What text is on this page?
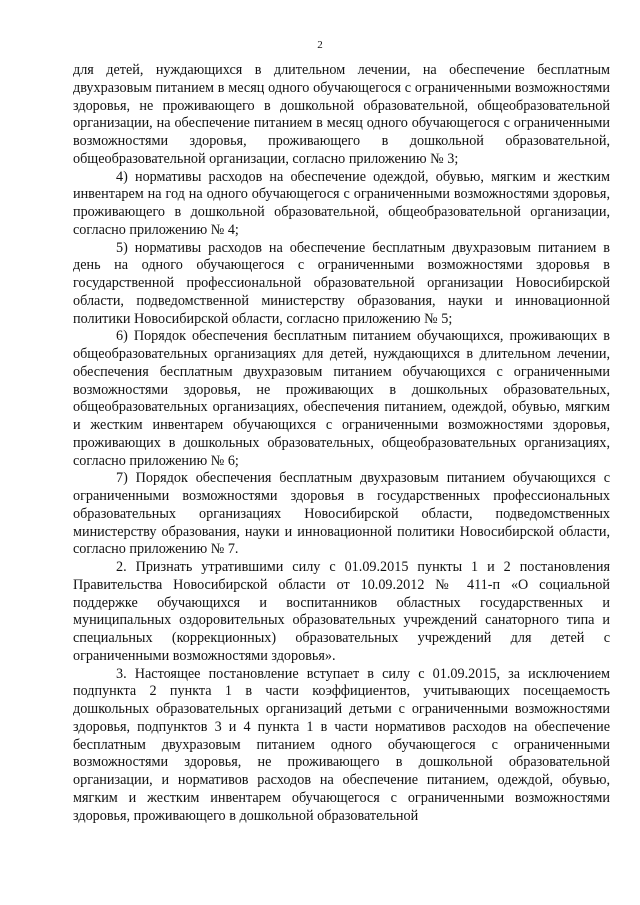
2

для детей, нуждающихся в длительном лечении, на обеспечение бесплатным двухразовым питанием в месяц одного обучающегося с ограниченными возможностями здоровья, не проживающего в дошкольной образовательной, общеобразовательной организации, на обеспечение питанием в месяц одного обучающегося с ограниченными возможностями здоровья, проживающего в дошкольной образовательной, общеобразовательной организации, согласно приложению № 3;

4) нормативы расходов на обеспечение одеждой, обувью, мягким и жестким инвентарем на год на одного обучающегося с ограниченными возможностями здоровья, проживающего в дошкольной образовательной, общеобразовательной организации, согласно приложению № 4;

5) нормативы расходов на обеспечение бесплатным двухразовым питанием в день на одного обучающегося с ограниченными возможностями здоровья в государственной профессиональной образовательной организации Новосибирской области, подведомственной министерству образования, науки и инновационной политики Новосибирской области, согласно приложению № 5;

6) Порядок обеспечения бесплатным питанием обучающихся, проживающих в общеобразовательных организациях для детей, нуждающихся в длительном лечении, обеспечения бесплатным двухразовым питанием обучающихся с ограниченными возможностями здоровья, не проживающих в дошкольных образовательных, общеобразовательных организациях, обеспечения питанием, одеждой, обувью, мягким и жестким инвентарем обучающихся с ограниченными возможностями здоровья, проживающих в дошкольных образовательных, общеобразовательных организациях, согласно приложению № 6;

7) Порядок обеспечения бесплатным двухразовым питанием обучающихся с ограниченными возможностями здоровья в государственных профессиональных образовательных организациях Новосибирской области, подведомственных министерству образования, науки и инновационной политики Новосибирской области, согласно приложению № 7.

2. Признать утратившими силу с 01.09.2015 пункты 1 и 2 постановления Правительства Новосибирской области от 10.09.2012 № 411-п «О социальной поддержке обучающихся и воспитанников областных государственных и муниципальных оздоровительных образовательных учреждений санаторного типа и специальных (коррекционных) образовательных учреждений для детей с ограниченными возможностями здоровья».

3. Настоящее постановление вступает в силу с 01.09.2015, за исключением подпункта 2 пункта 1 в части коэффициентов, учитывающих посещаемость дошкольных образовательных организаций детьми с ограниченными возможностями здоровья, подпунктов 3 и 4 пункта 1 в части нормативов расходов на обеспечение бесплатным двухразовым питанием одного обучающегося с ограниченными возможностями здоровья, не проживающего в дошкольной образовательной организации, и нормативов расходов на обеспечение питанием, одеждой, обувью, мягким и жестким инвентарем обучающегося с ограниченными возможностями здоровья, проживающего в дошкольной образовательной
